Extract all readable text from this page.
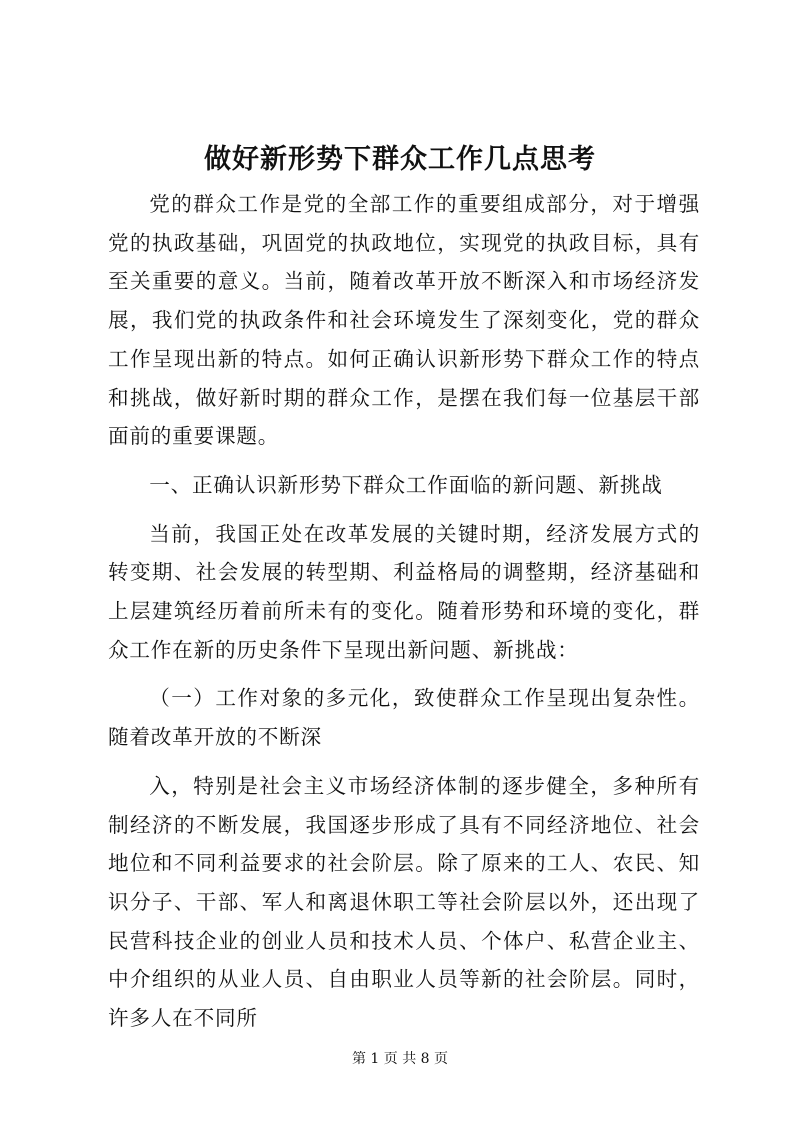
做好新形势下群众工作几点思考

党的群众工作是党的全部工作的重要组成部分，对于增强党的执政基础，巩固党的执政地位，实现党的执政目标，具有至关重要的意义。当前，随着改革开放不断深入和市场经济发展，我们党的执政条件和社会环境发生了深刻变化，党的群众工作呈现出新的特点。如何正确认识新形势下群众工作的特点和挑战，做好新时期的群众工作，是摆在我们每一位基层干部面前的重要课题。

一、正确认识新形势下群众工作面临的新问题、新挑战

当前，我国正处在改革发展的关键时期，经济发展方式的转变期、社会发展的转型期、利益格局的调整期，经济基础和上层建筑经历着前所未有的变化。随着形势和环境的变化，群众工作在新的历史条件下呈现出新问题、新挑战：

（一）工作对象的多元化，致使群众工作呈现出复杂性。随着改革开放的不断深

入，特别是社会主义市场经济体制的逐步健全，多种所有制经济的不断发展，我国逐步形成了具有不同经济地位、社会地位和不同利益要求的社会阶层。除了原来的工人、农民、知识分子、干部、军人和离退休职工等社会阶层以外，还出现了民营科技企业的创业人员和技术人员、个体户、私营企业主、中介组织的从业人员、自由职业人员等新的社会阶层。同时，许多人在不同所

第 1 页 共 8 页
